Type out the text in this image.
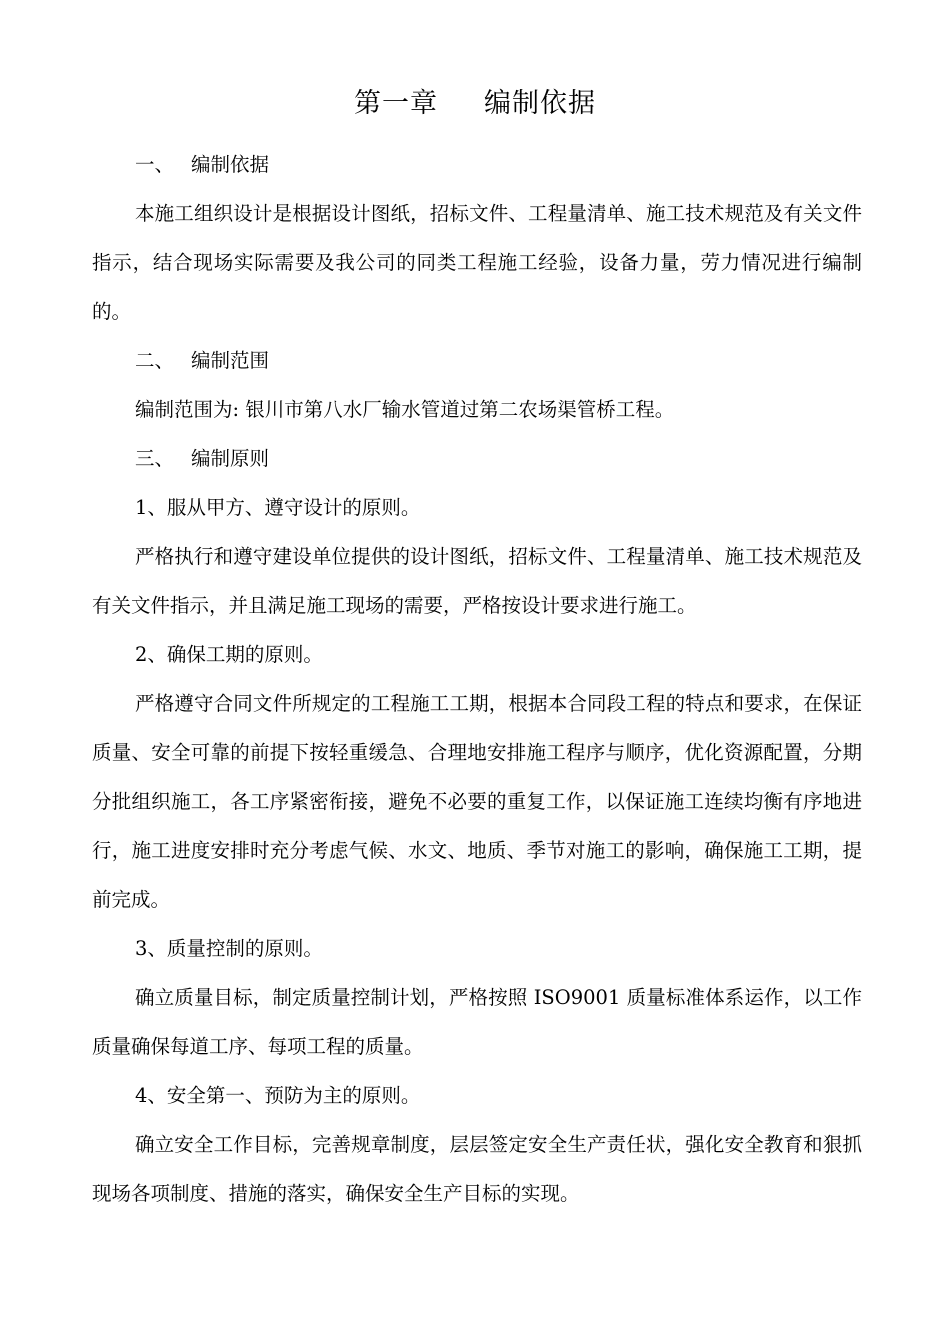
第一章 编制依据

一、 编制依据

本施工组织设计是根据设计图纸，招标文件、工程量清单、施工技术规范及有关文件指示，结合现场实际需要及我公司的同类工程施工经验，设备力量，劳力情况进行编制的。

二、 编制范围

编制范围为: 银川市第八水厂输水管道过第二农场渠管桥工程。

三、 编制原则

1、服从甲方、遵守设计的原则。

严格执行和遵守建设单位提供的设计图纸，招标文件、工程量清单、施工技术规范及有关文件指示，并且满足施工现场的需要，严格按设计要求进行施工。

2、确保工期的原则。

严格遵守合同文件所规定的工程施工工期，根据本合同段工程的特点和要求，在保证质量、安全可靠的前提下按轻重缓急、合理地安排施工程序与顺序，优化资源配置，分期分批组织施工，各工序紧密衔接，避免不必要的重复工作，以保证施工连续均衡有序地进行，施工进度安排时充分考虑气候、水文、地质、季节对施工的影响，确保施工工期，提前完成。

3、质量控制的原则。

确立质量目标，制定质量控制计划，严格按照 ISO9001 质量标准体系运作，以工作质量确保每道工序、每项工程的质量。

4、安全第一、预防为主的原则。

确立安全工作目标，完善规章制度，层层签定安全生产责任状，强化安全教育和狠抓现场各项制度、措施的落实，确保安全生产目标的实现。
